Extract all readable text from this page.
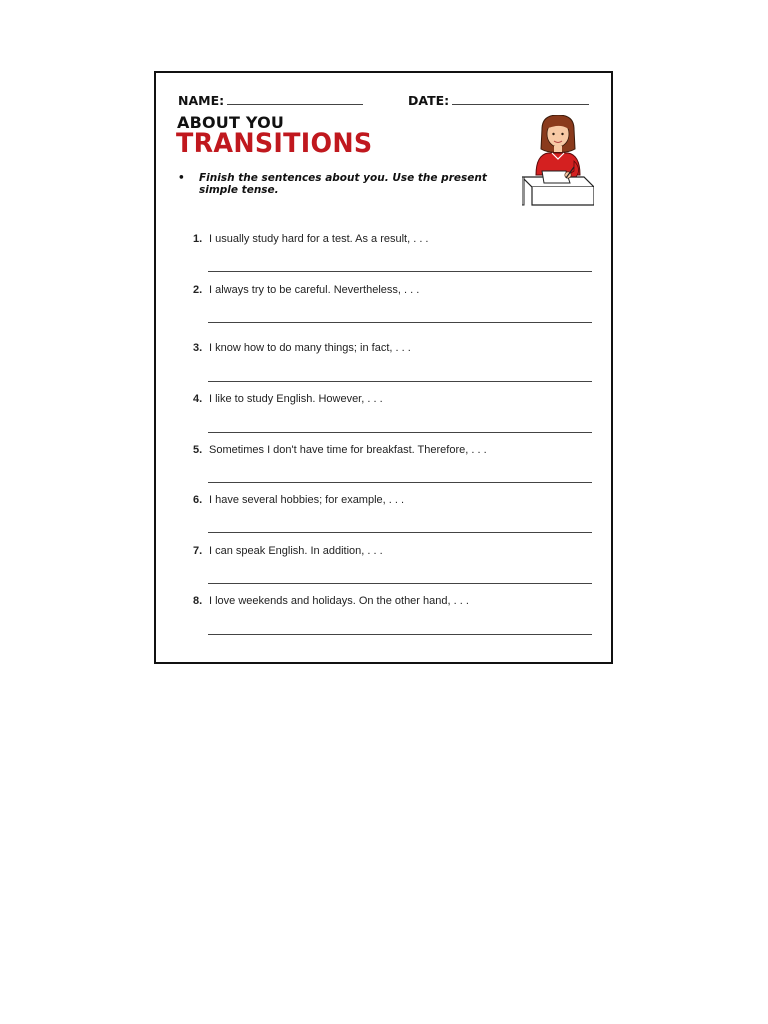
NAME:	DATE:
ABOUT YOU
TRANSITIONS
• Finish the sentences about you. Use the present simple tense.
1. I usually study hard for a test. As a result, . . .
2. I always try to be careful. Nevertheless, . . .
3. I know how to do many things; in fact, . . .
4. I like to study English. However, . . .
5. Sometimes I don't have time for breakfast. Therefore, . . .
6. I have several hobbies; for example, . . .
7. I can speak English. In addition, . . .
8. I love weekends and holidays. On the other hand, . . .
